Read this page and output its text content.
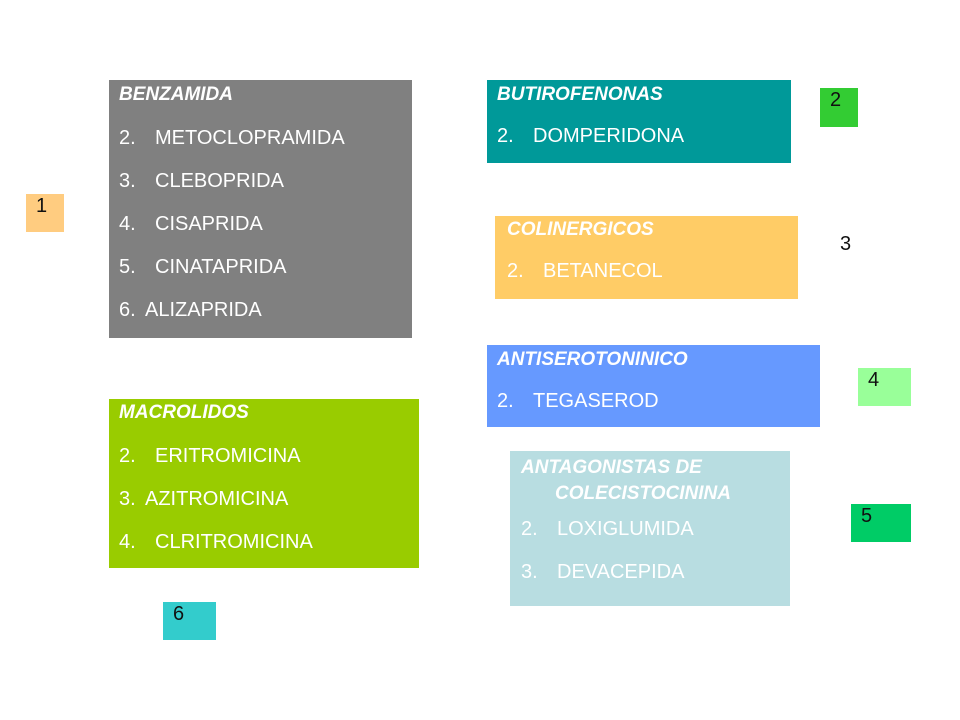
BENZAMIDA
2. METOCLOPRAMIDA
3. CLEBOPRIDA
4. CISAPRIDA
5. CINATAPRIDA
6. ALIZAPRIDA
MACROLIDOS
2. ERITROMICINA
3. AZITROMICINA
4. CLRITROMICINA
BUTIROFENONAS
2. DOMPERIDONA
COLINERGICOS
2. BETANECOL
ANTISEROTONINICO
2. TEGASEROD
ANTAGONISTAS DE
COLECISTOCININA
2. LOXIGLUMIDA
3. DEVACEPIDA
1
2
3
4
5
6
